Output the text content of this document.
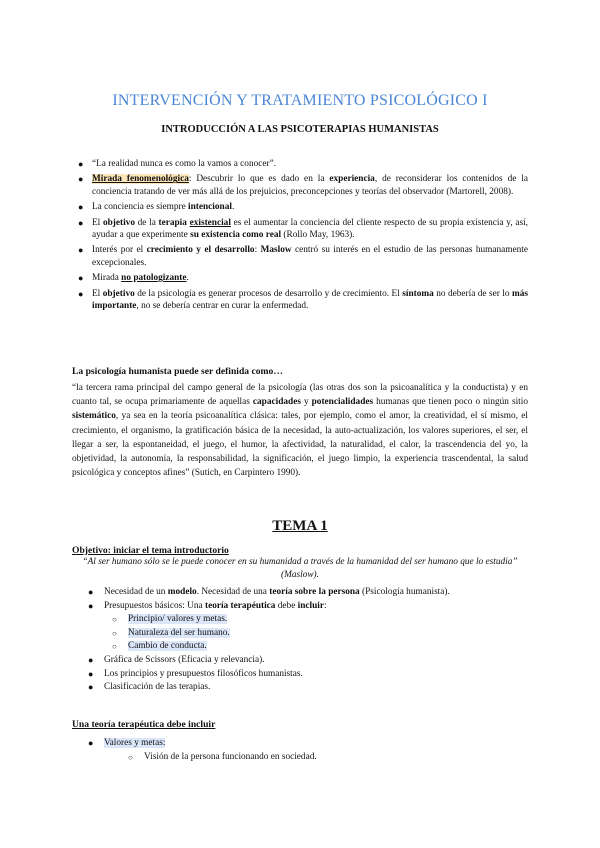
INTERVENCIÓN Y TRATAMIENTO PSICOLÓGICO I
INTRODUCCIÓN A LAS PSICOTERAPIAS HUMANISTAS
● “La realidad nunca es como la vamos a conocer”.
● Mirada fenomenológica: Descubrir lo que es dado en la experiencia, de reconsiderar los contenidos de la conciencia tratando de ver más allá de los prejuicios, preconcepciones y teorías del observador (Martorell, 2008).
● La conciencia es siempre intencional.
● El objetivo de la terapia existencial es el aumentar la conciencia del cliente respecto de su propia existencia y, así, ayudar a que experimente su existencia como real (Rollo May, 1963).
● Interés por el crecimiento y el desarrollo: Maslow centró su interés en el estudio de las personas humanamente excepcionales.
● Mirada no patologizante.
● El objetivo de la psicología es generar procesos de desarrollo y de crecimiento. El síntoma no debería de ser lo más importante, no se debería centrar en curar la enfermedad.
La psicología humanista puede ser definida como…
“la tercera rama principal del campo general de la psicología (las otras dos son la psicoanalítica y la conductista) y en cuanto tal, se ocupa primariamente de aquellas capacidades y potencialidades humanas que tienen poco o ningún sitio sistemático, ya sea en la teoría psicoanalítica clásica: tales, por ejemplo, como el amor, la creatividad, el sí mismo, el crecimiento, el organismo, la gratificación básica de la necesidad, la auto-actualización, los valores superiores, el ser, el llegar a ser, la espontaneidad, el juego, el humor, la afectividad, la naturalidad, el calor, la trascendencia del yo, la objetividad, la autonomía, la responsabilidad, la significación, el juego limpio, la experiencia trascendental, la salud psicológica y conceptos afines” (Sutich, en Carpintero 1990).
TEMA 1
Objetivo: iniciar el tema introductorio
“Al ser humano sólo se le puede conocer en su humanidad a través de la humanidad del ser humano que lo estudia” (Maslow).
● Necesidad de un modelo. Necesidad de una teoría sobre la persona (Psicología humanista).
● Presupuestos básicos: Una teoría terapéutica debe incluir:
○ Principio/ valores y metas.
○ Naturaleza del ser humano.
○ Cambio de conducta.
● Gráfica de Scissors (Eficacia y relevancia).
● Los principios y presupuestos filosóficos humanistas.
● Clasificación de las terapias.
Una teoría terapéutica debe incluir
● Valores y metas:
○ Visión de la persona funcionando en sociedad.
